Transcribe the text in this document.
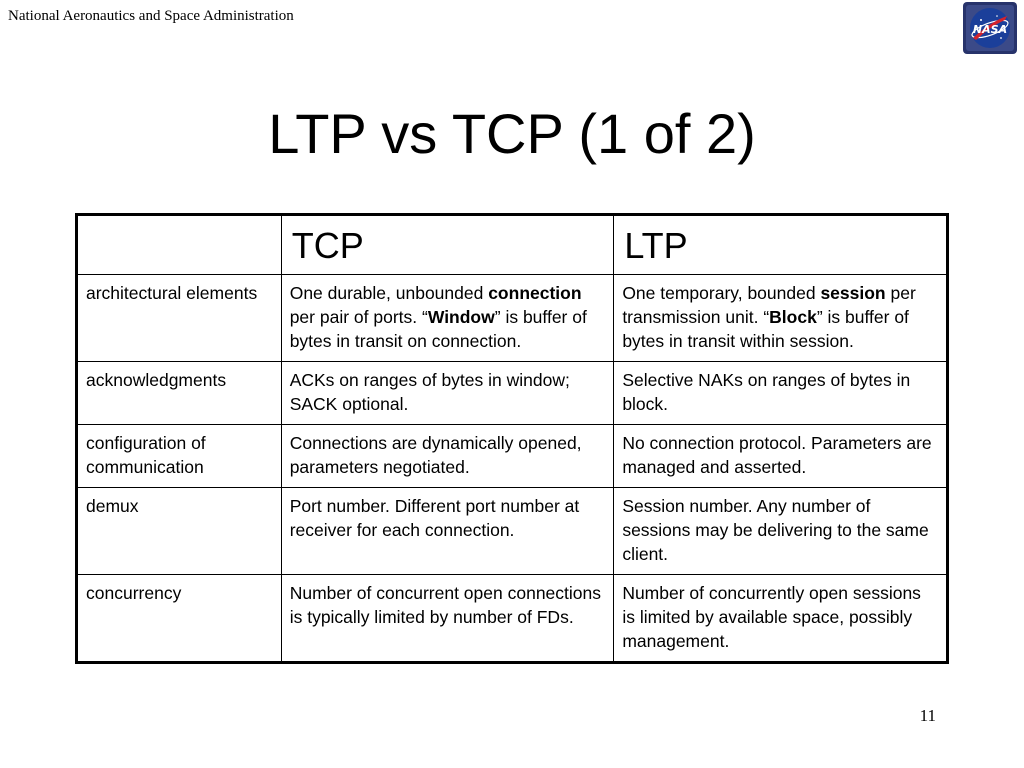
National Aeronautics and Space Administration
NASA
LTP vs TCP (1 of 2)
	TCP	LTP
architectural elements	One durable, unbounded connection per pair of ports. “Window” is buffer of bytes in transit on connection.	One temporary, bounded session per transmission unit. “Block” is buffer of bytes in transit within session.
acknowledgments	ACKs on ranges of bytes in window; SACK optional.	Selective NAKs on ranges of bytes in block.
configuration of communication	Connections are dynamically opened, parameters negotiated.	No connection protocol. Parameters are managed and asserted.
demux	Port number. Different port number at receiver for each connection.	Session number. Any number of sessions may be delivering to the same client.
concurrency	Number of concurrent open connections is typically limited by number of FDs.	Number of concurrently open sessions is limited by available space, possibly management.
11
